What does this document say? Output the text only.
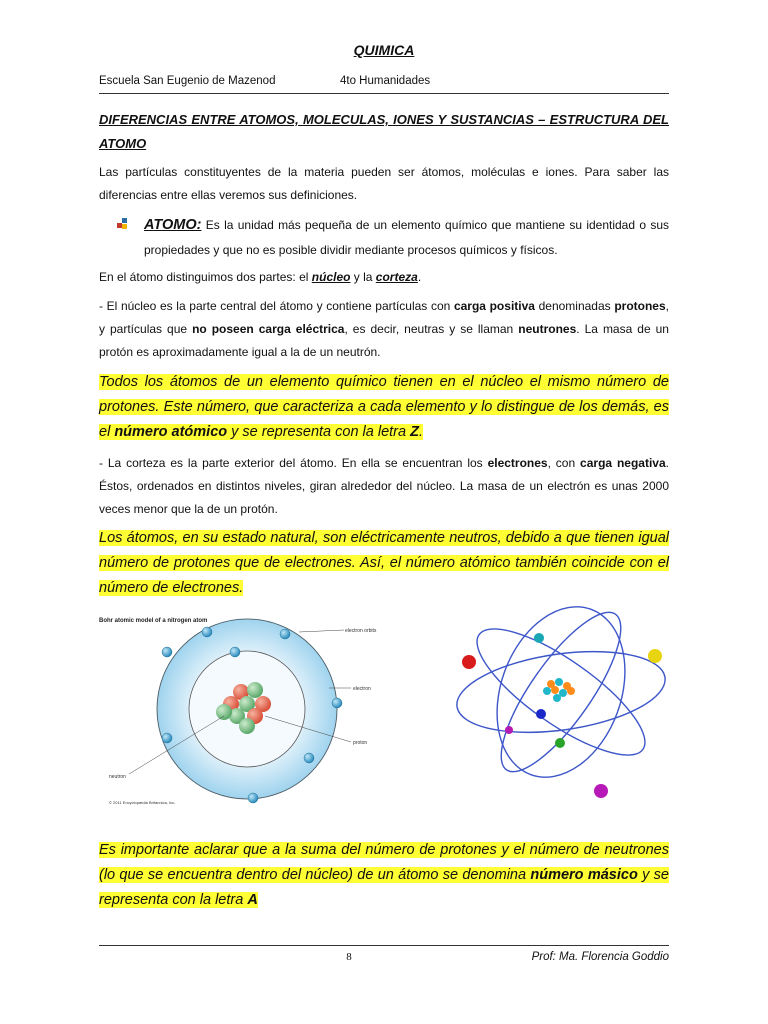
QUIMICA
Escuela San Eugenio de Mazenod	4to Humanidades
DIFERENCIAS ENTRE ATOMOS, MOLECULAS, IONES Y SUSTANCIAS – ESTRUCTURA DEL ATOMO
Las partículas constituyentes de la materia pueden ser átomos, moléculas e iones. Para saber las diferencias entre ellas veremos sus definiciones.
ATOMO: Es la unidad más pequeña de un elemento químico que mantiene su identidad o sus propiedades y que no es posible dividir mediante procesos químicos y físicos.
En el átomo distinguimos dos partes: el núcleo y la corteza.
- El núcleo es la parte central del átomo y contiene partículas con carga positiva denominadas protones, y partículas que no poseen carga eléctrica, es decir, neutras y se llaman neutrones. La masa de un protón es aproximadamente igual a la de un neutrón.
Todos los átomos de un elemento químico tienen en el núcleo el mismo número de protones. Este número, que caracteriza a cada elemento y lo distingue de los demás, es el número atómico y se representa con la letra Z.
- La corteza es la parte exterior del átomo. En ella se encuentran los electrones, con carga negativa. Éstos, ordenados en distintos niveles, giran alrededor del núcleo. La masa de un electrón es unas 2000 veces menor que la de un protón.
Los átomos, en su estado natural, son eléctricamente neutros, debido a que tienen igual número de protones que de electrones. Así, el número atómico también coincide con el número de electrones.
Bohr atomic model of a nitrogen atom
electron orbits
electron
proton
neutron
© 2011 Encyclopædia Britannica, Inc.
Es importante aclarar que a la suma del número de protones y el número de neutrones (lo que se encuentra dentro del núcleo) de un átomo se denomina número másico y se representa con la letra A
8	Prof: Ma. Florencia Goddio
